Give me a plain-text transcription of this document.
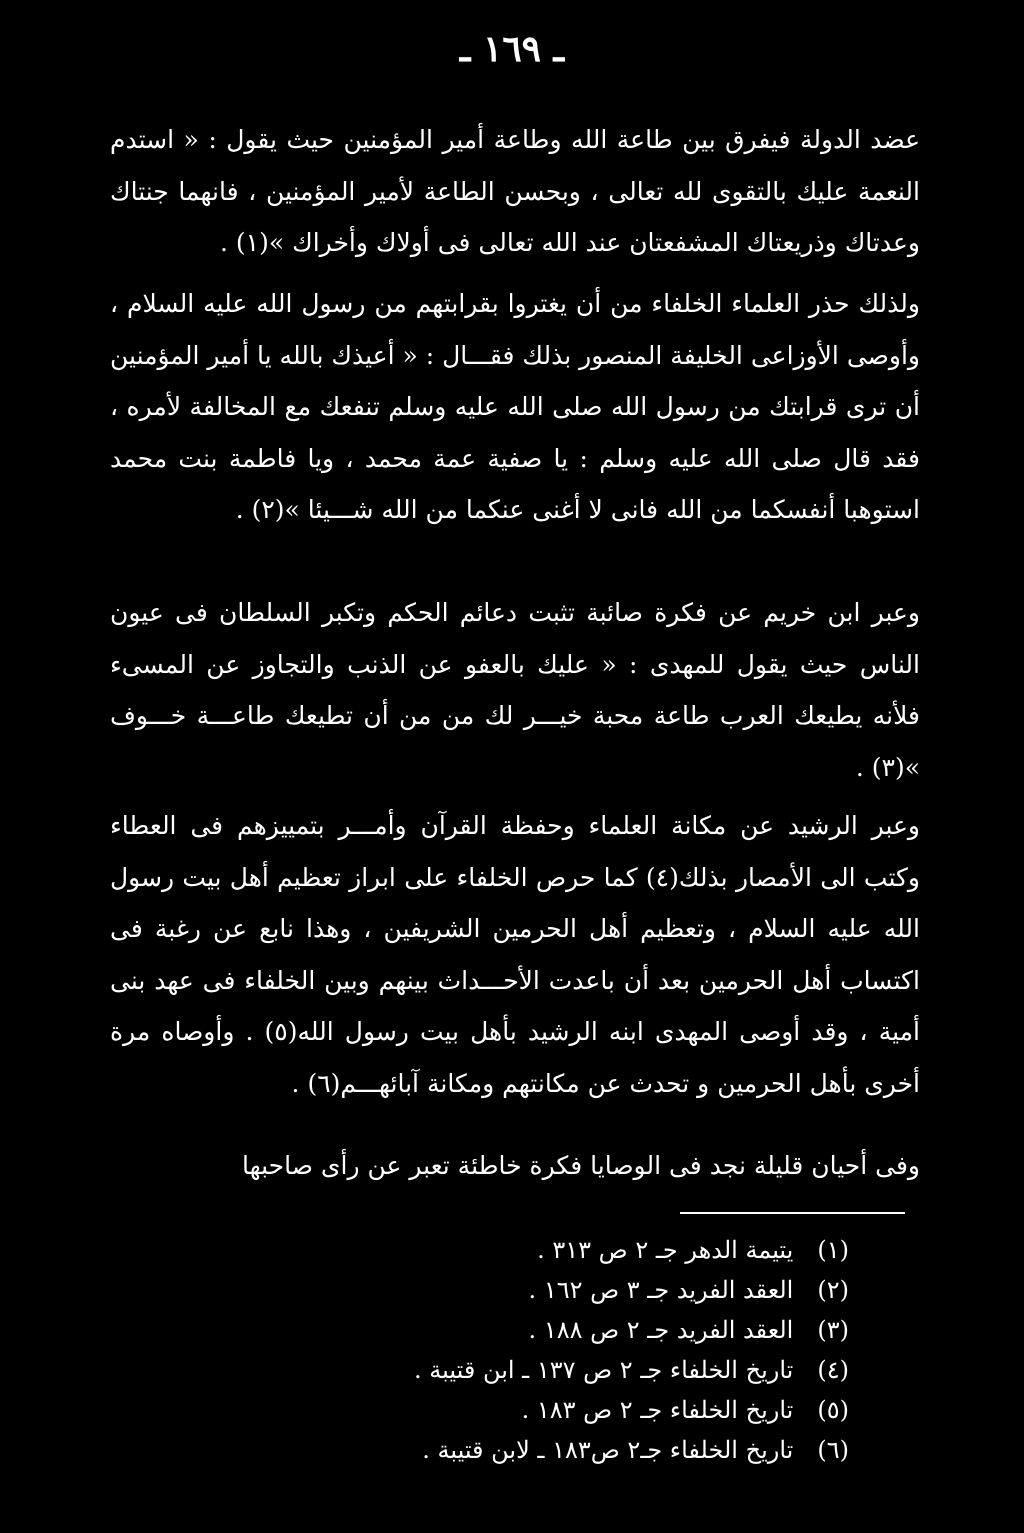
ـ ١٦٩ ـ

عضد الدولة فيفرق بين طاعة الله وطاعة أمير المؤمنين حيث يقول : « استدم النعمة عليك بالتقوى لله تعالى ، وبحسن الطاعة لأمير المؤمنين ، فانهما جنتاك وعدتاك وذريعتاك المشفعتان عند الله تعالى فى أولاك وأخراك »(١) .

ولذلك حذر العلماء الخلفاء من أن يغتروا بقرابتهم من رسول الله عليه السلام ، وأوصى الأوزاعى الخليفة المنصور بذلك فقـــال : « أعيذك بالله يا أمير المؤمنين أن ترى قرابتك من رسول الله صلى الله عليه وسلم تنفعك مع المخالفة لأمره ، فقد قال صلى الله عليه وسلم : يا صفية عمة محمد ، ويا فاطمة بنت محمد استوهبا أنفسكما من الله فانى لا أغنى عنكما من الله شـــيئا »(٢) .

وعبر ابن خريم عن فكرة صائبة تثبت دعائم الحكم وتكبر السلطان فى عيون الناس حيث يقول للمهدى : « عليك بالعفو عن الذنب والتجاوز عن المسىء فلأنه يطيعك العرب طاعة محبة خيـــر لك من من أن تطيعك طاعـــة خـــوف »(٣) .

وعبر الرشيد عن مكانة العلماء وحفظة القرآن وأمـــر بتمييزهم فى العطاء وكتب الى الأمصار بذلك(٤) كما حرص الخلفاء على ابراز تعظيم أهل بيت رسول الله عليه السلام ، وتعظيم أهل الحرمين الشريفين ، وهذا نابع عن رغبة فى اكتساب أهل الحرمين بعد أن باعدت الأحـــداث بينهم وبين الخلفاء فى عهد بنى أمية ، وقد أوصى المهدى ابنه الرشيد بأهل بيت رسول الله(٥) . وأوصاه مرة أخرى بأهل الحرمين و تحدث عن مكانتهم ومكانة آبائهـــم(٦) .

وفى أحيان قليلة نجد فى الوصايا فكرة خاطئة تعبر عن رأى صاحبها

(١) يتيمة الدهر جـ ٢ ص ٣١٣ .
(٢) العقد الفريد جـ ٣ ص ١٦٢ .
(٣) العقد الفريد جـ ٢ ص ١٨٨ .
(٤) تاريخ الخلفاء جـ ٢ ص ١٣٧ ـ ابن قتيبة .
(٥) تاريخ الخلفاء جـ ٢ ص ١٨٣ .
(٦) تاريخ الخلفاء جـ٢ ص١٨٣ ـ لابن قتيبة .
